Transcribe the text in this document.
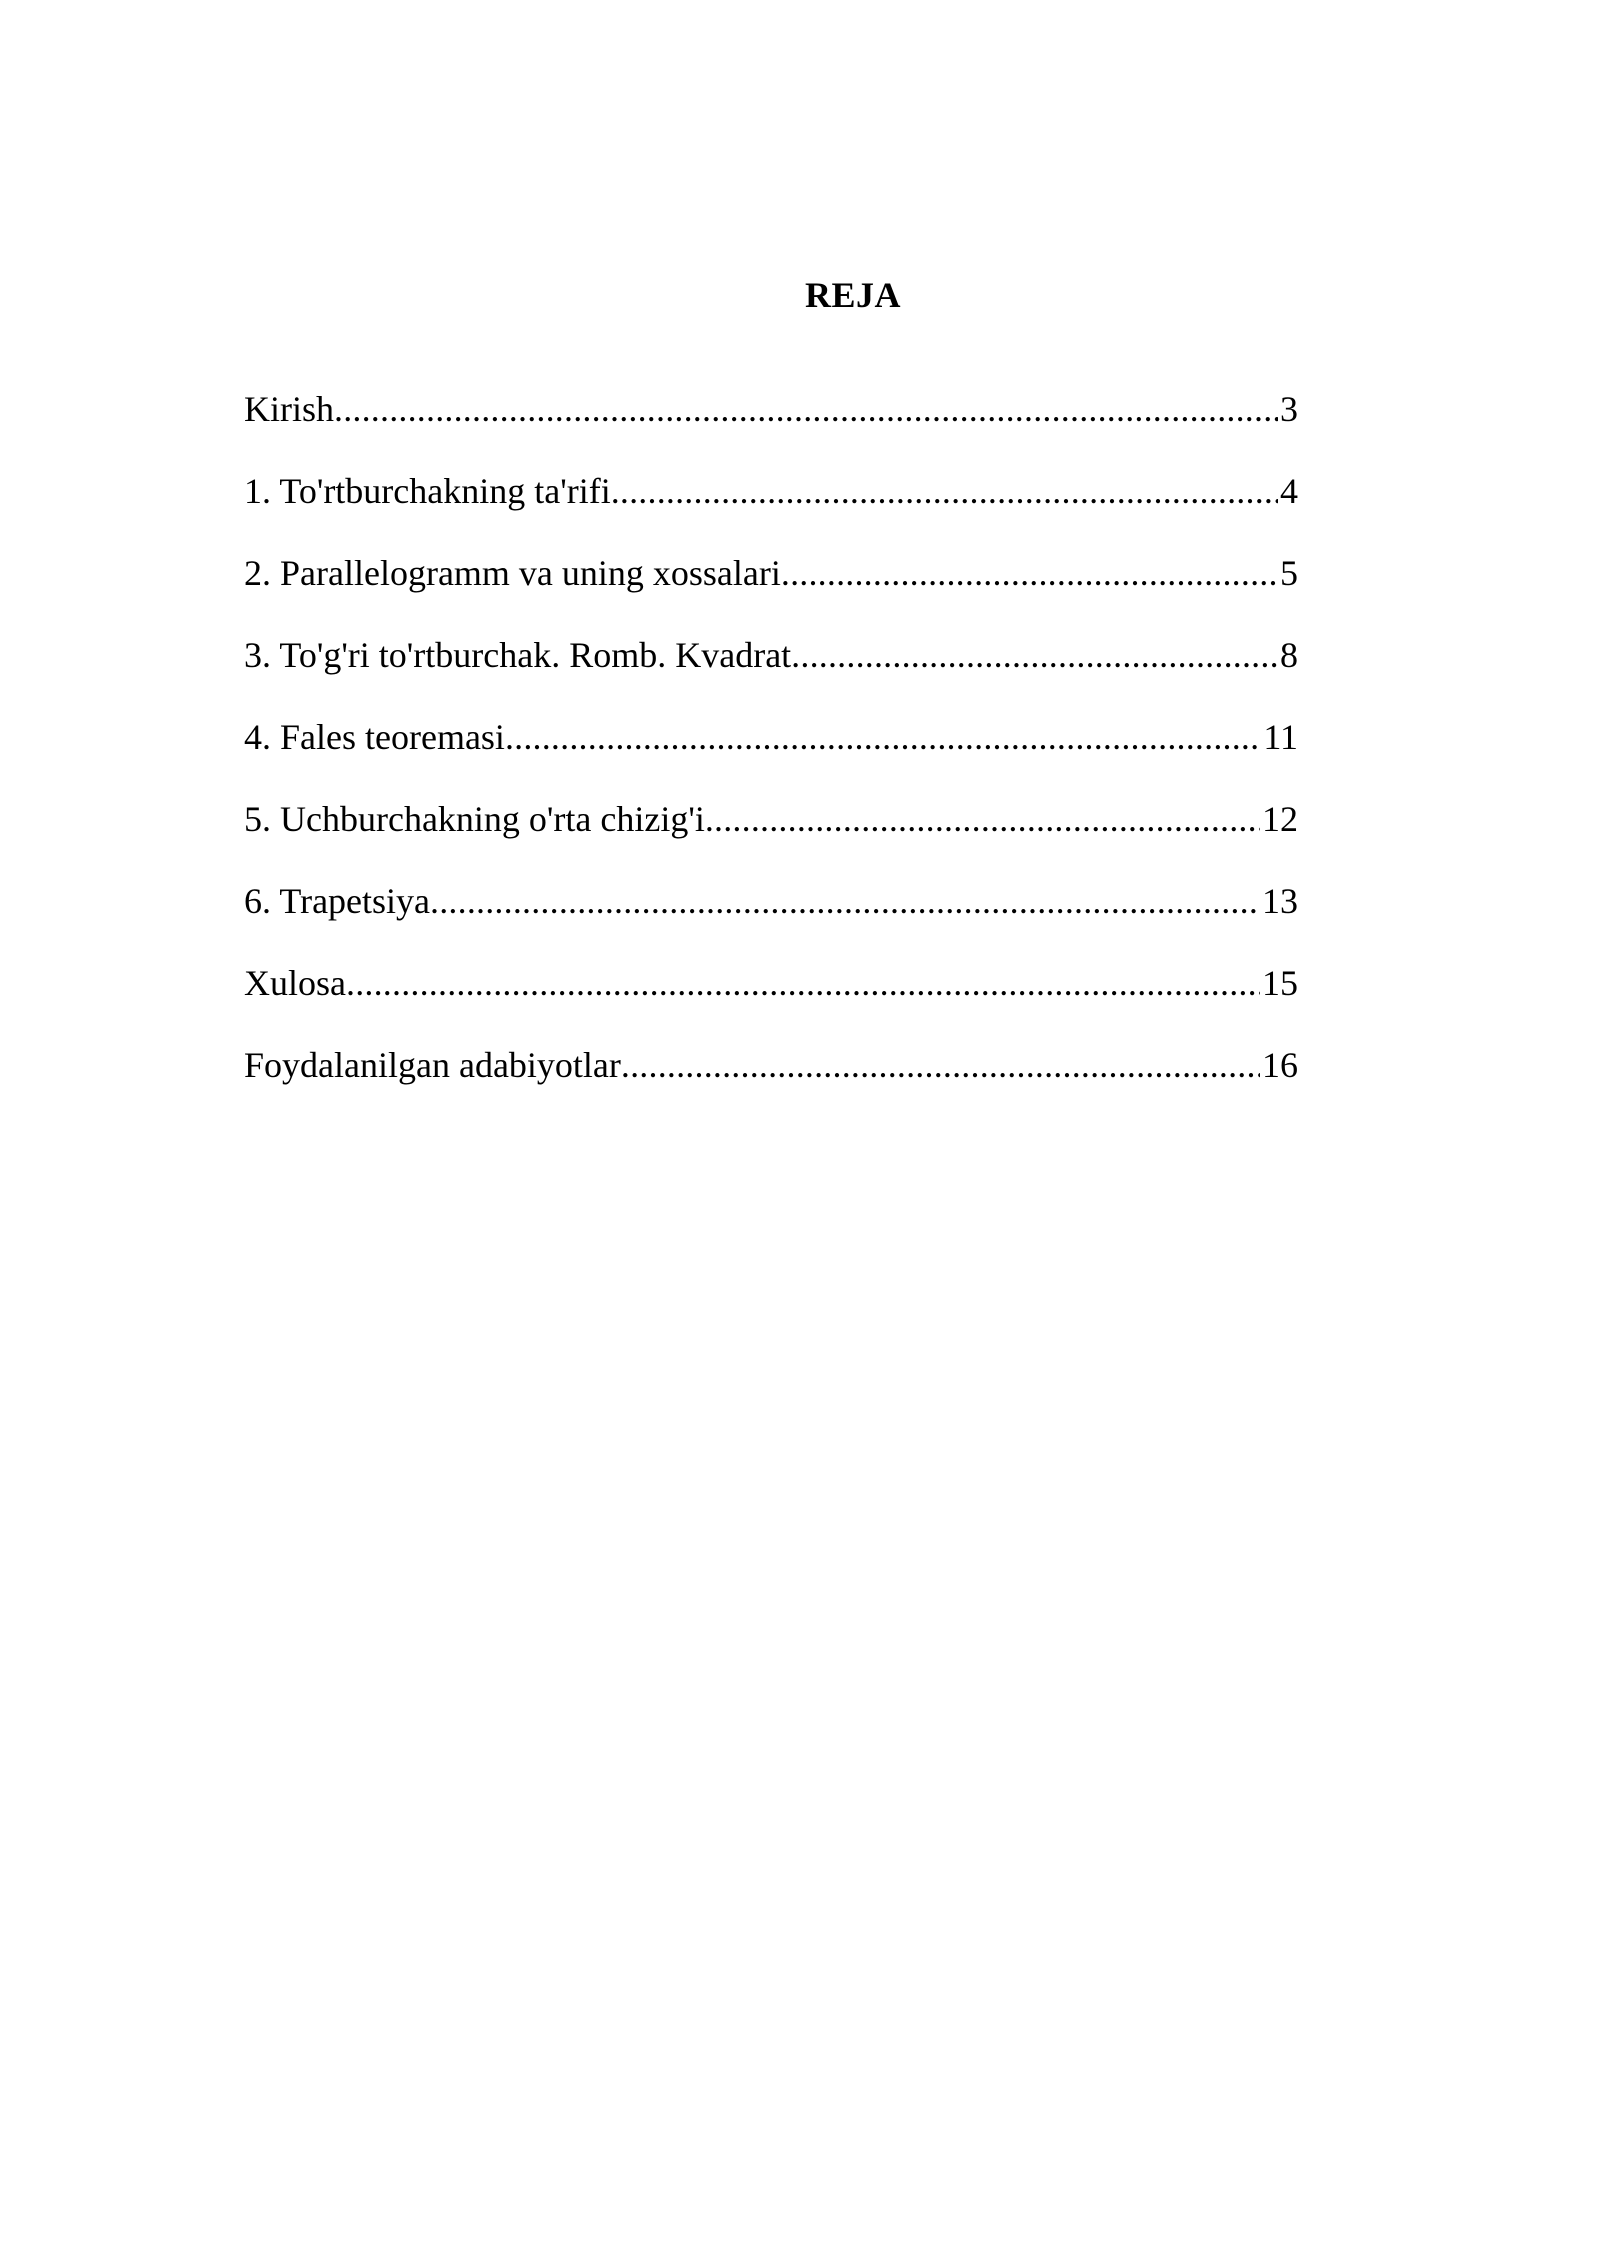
REJA
Kirish .....	3
1. To'rtburchakning ta'rifi .....	4
2. Parallelogramm va uning xossalari .....	5
3. To'g'ri to'rtburchak. Romb. Kvadrat .....	8
4. Fales teoremasi .....	11
5. Uchburchakning o'rta chizig'i .....	12
6. Trapetsiya .....	13
Xulosa .....	15
Foydalanilgan adabiyotlar .....	16
